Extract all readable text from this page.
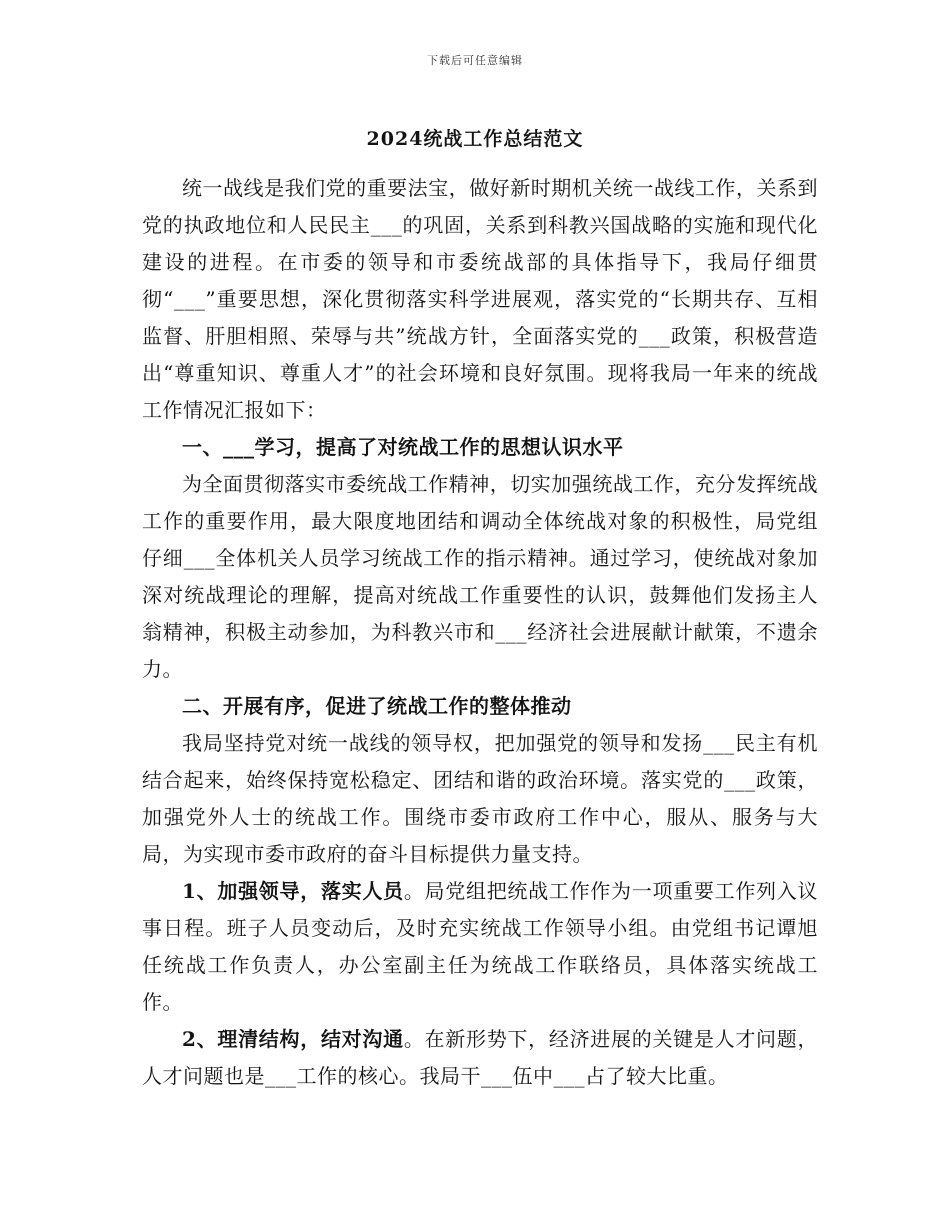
下载后可任意编辑
2024统战工作总结范文

统一战线是我们党的重要法宝，做好新时期机关统一战线工作，关系到党的执政地位和人民民主___的巩固，关系到科教兴国战略的实施和现代化建设的进程。在市委的领导和市委统战部的具体指导下，我局仔细贯彻“___”重要思想，深化贯彻落实科学进展观，落实党的“长期共存、互相监督、肝胆相照、荣辱与共”统战方针，全面落实党的___政策，积极营造出“尊重知识、尊重人才”的社会环境和良好氛围。现将我局一年来的统战工作情况汇报如下：

一、___学习，提高了对统战工作的思想认识水平

为全面贯彻落实市委统战工作精神，切实加强统战工作，充分发挥统战工作的重要作用，最大限度地团结和调动全体统战对象的积极性，局党组仔细___全体机关人员学习统战工作的指示精神。通过学习，使统战对象加深对统战理论的理解，提高对统战工作重要性的认识，鼓舞他们发扬主人翁精神，积极主动参加，为科教兴市和___经济社会进展献计献策，不遗余力。

二、开展有序，促进了统战工作的整体推动

我局坚持党对统一战线的领导权，把加强党的领导和发扬___民主有机结合起来，始终保持宽松稳定、团结和谐的政治环境。落实党的___政策，加强党外人士的统战工作。围绕市委市政府工作中心，服从、服务与大局，为实现市委市政府的奋斗目标提供力量支持。

1、加强领导，落实人员。局党组把统战工作作为一项重要工作列入议事日程。班子人员变动后，及时充实统战工作领导小组。由党组书记谭旭任统战工作负责人，办公室副主任为统战工作联络员，具体落实统战工作。

2、理清结构，结对沟通。在新形势下，经济进展的关键是人才问题，人才问题也是___工作的核心。我局干___伍中___占了较大比重。
